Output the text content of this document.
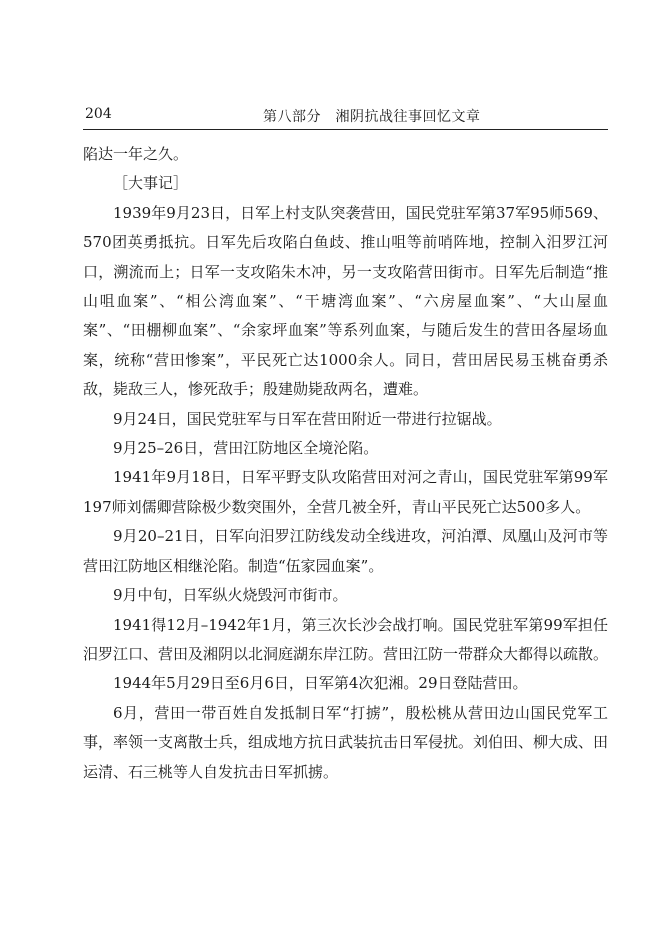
204	第八部分　湘阴抗战往事回忆文章

陷达一年之久。

［大事记］

1939年9月23日，日军上村支队突袭营田，国民党驻军第37军95师569、570团英勇抵抗。日军先后攻陷白鱼歧、推山咀等前哨阵地，控制入汨罗江河口，溯流而上；日军一支攻陷朱木冲，另一支攻陷营田街市。日军先后制造“推山咀血案”、“相公湾血案”、“干塘湾血案”、“六房屋血案”、“大山屋血案”、“田棚柳血案”、“余家坪血案”等系列血案，与随后发生的营田各屋场血案，统称“营田惨案”，平民死亡达1000余人。同日，营田居民易玉桃奋勇杀敌，毙敌三人，惨死敌手；殷建勋毙敌两名，遭难。

9月24日，国民党驻军与日军在营田附近一带进行拉锯战。

9月25–26日，营田江防地区全境沦陷。

1941年9月18日，日军平野支队攻陷营田对河之青山，国民党驻军第99军197师刘儒卿营除极少数突围外，全营几被全歼，青山平民死亡达500多人。

9月20–21日，日军向汨罗江防线发动全线进攻，河泊潭、凤凰山及河市等营田江防地区相继沦陷。制造“伍家园血案”。

9月中旬，日军纵火烧毁河市街市。

1941得12月–1942年1月，第三次长沙会战打响。国民党驻军第99军担任汨罗江口、营田及湘阴以北洞庭湖东岸江防。营田江防一带群众大都得以疏散。

1944年5月29日至6月6日，日军第4次犯湘。29日登陆营田。

6月，营田一带百姓自发抵制日军“打掳”，殷松桃从营田边山国民党军工事，率领一支离散士兵，组成地方抗日武装抗击日军侵扰。刘伯田、柳大成、田运清、石三桃等人自发抗击日军抓掳。
